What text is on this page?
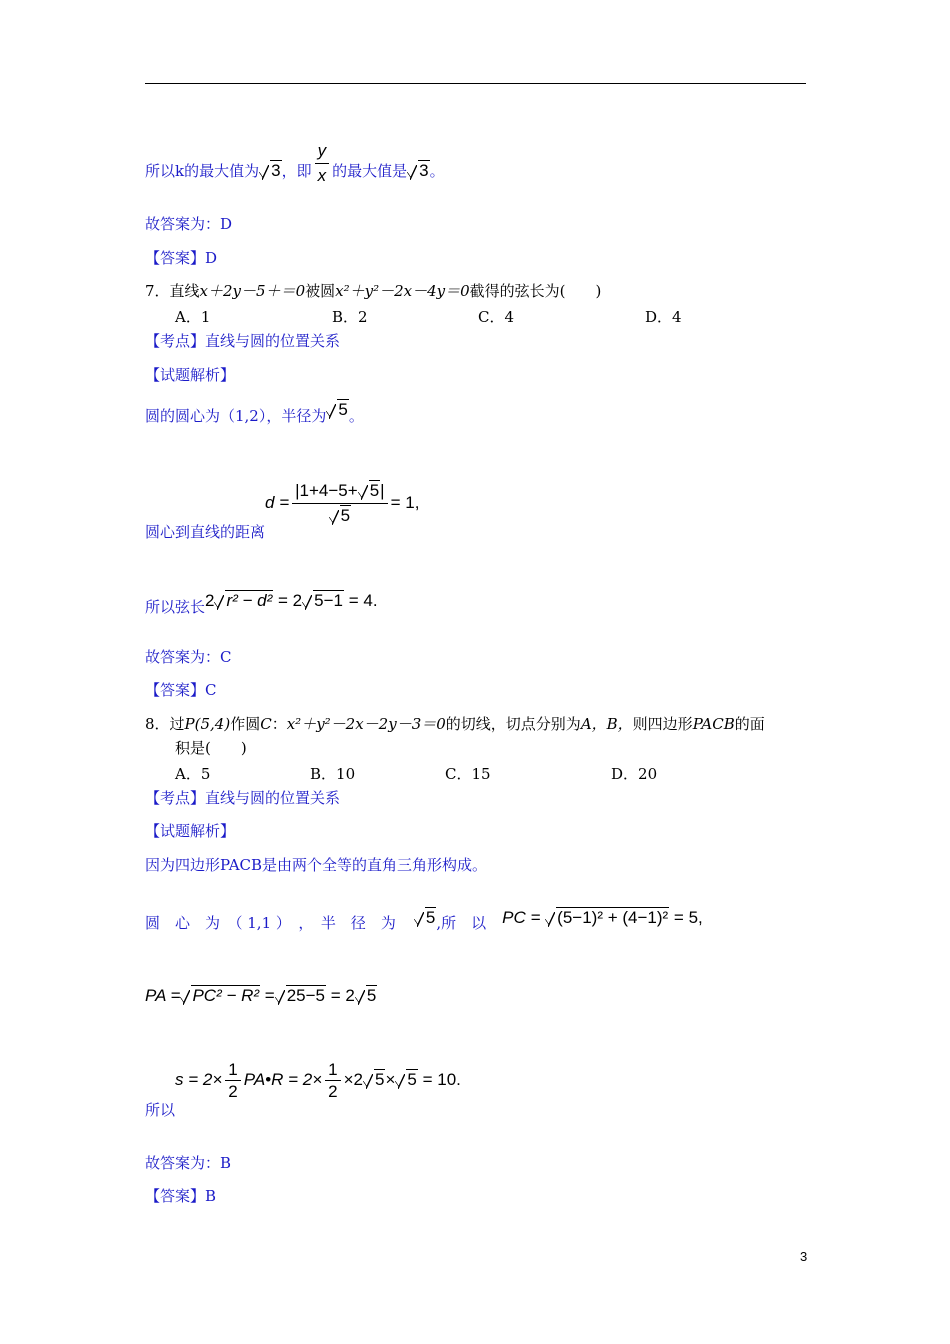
所以k的最大值为 3，即 $\frac{y}{x}$ 的最大值是 3。
故答案为：D
【答案】D
7．直线x＋2y－5＋＝0被圆x²＋y²－2x－4y＝0截得的弦长为(　　)
A．1	B．2	C．4	D．4
【考点】直线与圆的位置关系
【试题解析】
圆的圆心为（1,2），半径为 5。
圆心到直线的距离$d = \frac{|1+4-5+ 5|}{5} = 1$,
所以弦长2 r² − d² = 2 5−1 = 4.
故答案为：C
【答案】C
8．过P(5,4)作圆C：x²＋y²－2x－2y－3＝0的切线，切点分别为A，B，则四边形PACB的面
积是(　　)
A．5	B．10	C．15	D．20
【考点】直线与圆的位置关系
【试题解析】
因为四边形PACB是由两个全等的直角三角形构成。
圆　心　为　（ 1,1 ）　，　半　径　为 5,所　以 PC = (5−1)² + (4−1)² = 5,
PA = PC² − R² = 25−5 = 2 5
所以$s = 2\times \frac{1}{2}$ PA•R = $2\times \frac{1}{2} \times 2$ 5× 5 = 10.
故答案为：B
【答案】B
3
